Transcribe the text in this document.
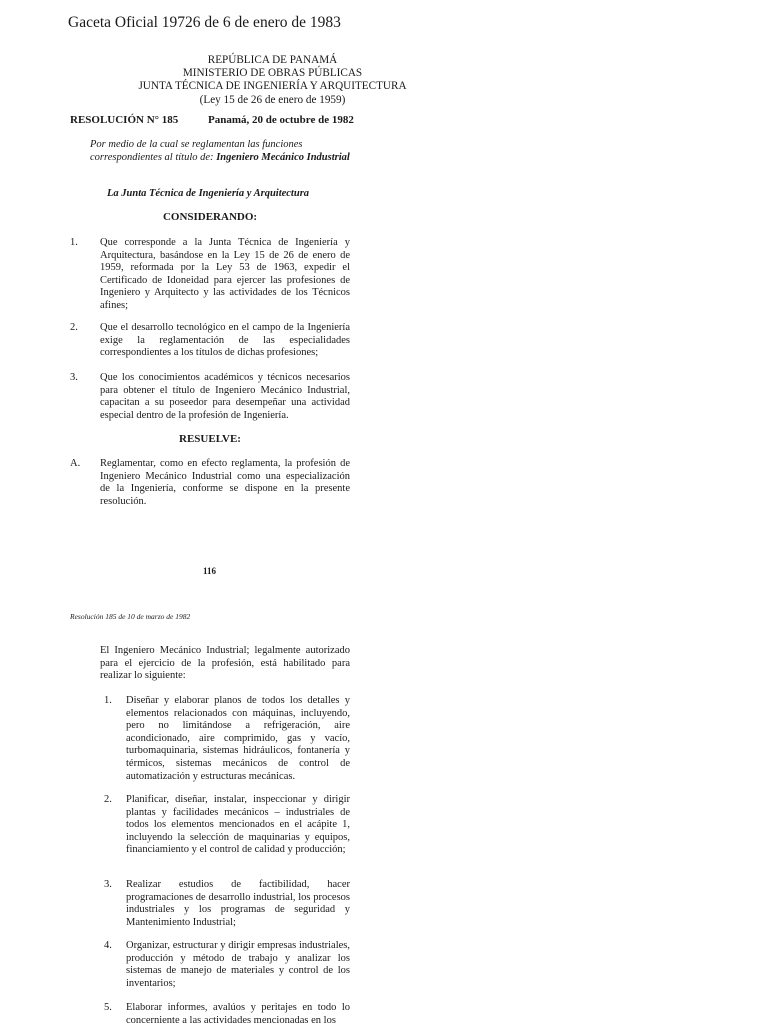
Gaceta Oficial 19726 de 6 de enero de 1983
REPÚBLICA DE PANAMÁ
MINISTERIO DE OBRAS PÚBLICAS
JUNTA TÉCNICA DE INGENIERÍA Y ARQUITECTURA
(Ley 15 de 26 de enero de 1959)
RESOLUCIÓN N° 185	Panamá, 20 de octubre de 1982
Por medio de la cual se reglamentan las funciones correspondientes al título de: Ingeniero Mecánico Industrial
La Junta Técnica de Ingeniería y Arquitectura
CONSIDERANDO:
1. Que corresponde a la Junta Técnica de Ingeniería y Arquitectura, basándose en la Ley 15 de 26 de enero de 1959, reformada por la Ley 53 de 1963, expedir el Certificado de Idoneidad para ejercer las profesiones de Ingeniero y Arquitecto y las actividades de los Técnicos afines;
2. Que el desarrollo tecnológico en el campo de la Ingeniería exige la reglamentación de las especialidades correspondientes a los títulos de dichas profesiones;
3. Que los conocimientos académicos y técnicos necesarios para obtener el título de Ingeniero Mecánico Industrial, capacitan a su poseedor para desempeñar una actividad especial dentro de la profesión de Ingeniería.
RESUELVE:
A. Reglamentar, como en efecto reglamenta, la profesión de Ingeniero Mecánico Industrial como una especialización de la Ingeniería, conforme se dispone en la presente resolución.
116
Resolución 185 de 10 de marzo de 1982
El Ingeniero Mecánico Industrial; legalmente autorizado para el ejercicio de la profesión, está habilitado para realizar lo siguiente:
1. Diseñar y elaborar planos de todos los detalles y elementos relacionados con máquinas, incluyendo, pero no limitándose a refrigeración, aire acondicionado, aire comprimido, gas y vacío, turbomaquinaria, sistemas hidráulicos, fontanería y térmicos, sistemas mecánicos de control de automatización y estructuras mecánicas.
2. Planificar, diseñar, instalar, inspeccionar y dirigir plantas y facilidades mecánicos – industriales de todos los elementos mencionados en el acápite 1, incluyendo la selección de maquinarias y equipos, financiamiento y el control de calidad y producción;
3. Realizar estudios de factibilidad, hacer programaciones de desarrollo industrial, los procesos industriales y los programas de seguridad y Mantenimiento Industrial;
4. Organizar, estructurar y dirigir empresas industriales, producción y método de trabajo y analizar los sistemas de manejo de materiales y control de los inventarios;
5. Elaborar informes, avalúos y peritajes en todo lo concerniente a las actividades mencionadas en los
